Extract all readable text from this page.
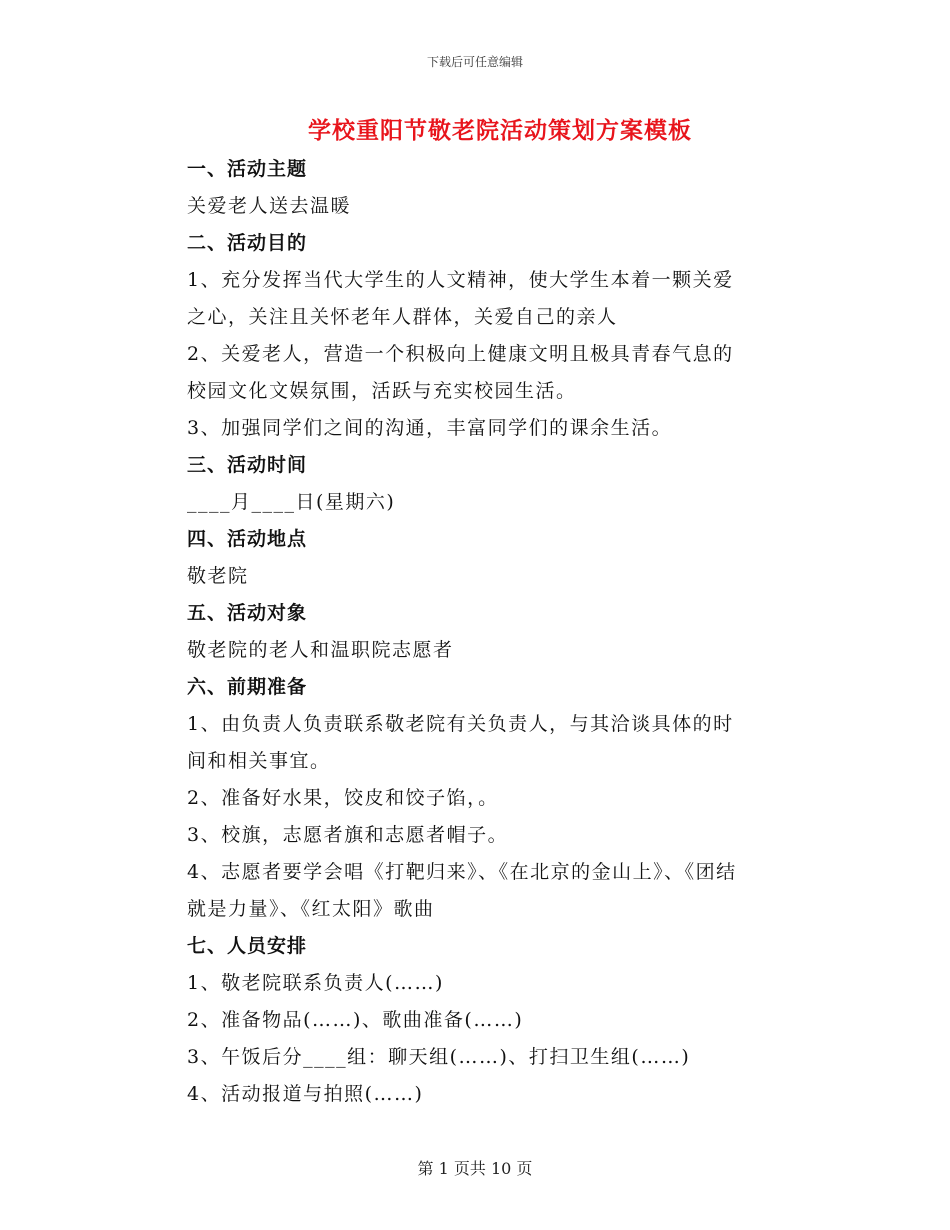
下载后可任意编辑
学校重阳节敬老院活动策划方案模板
一、活动主题
关爱老人送去温暖
二、活动目的
1、充分发挥当代大学生的人文精神，使大学生本着一颗关爱
之心，关注且关怀老年人群体，关爱自己的亲人
2、关爱老人，营造一个积极向上健康文明且极具青春气息的
校园文化文娱氛围，活跃与充实校园生活。
3、加强同学们之间的沟通，丰富同学们的课余生活。
三、活动时间
____月____日(星期六)
四、活动地点
敬老院
五、活动对象
敬老院的老人和温职院志愿者
六、前期准备
1、由负责人负责联系敬老院有关负责人，与其洽谈具体的时
间和相关事宜。
2、准备好水果，饺皮和饺子馅，。
3、校旗，志愿者旗和志愿者帽子。
4、志愿者要学会唱《打靶归来》、《在北京的金山上》、《团结
就是力量》、《红太阳》歌曲
七、人员安排
1、敬老院联系负责人(……)
2、准备物品(……)、歌曲准备(……)
3、午饭后分____组：聊天组(……)、打扫卫生组(……)
4、活动报道与拍照(……)
第 1 页共 10 页
